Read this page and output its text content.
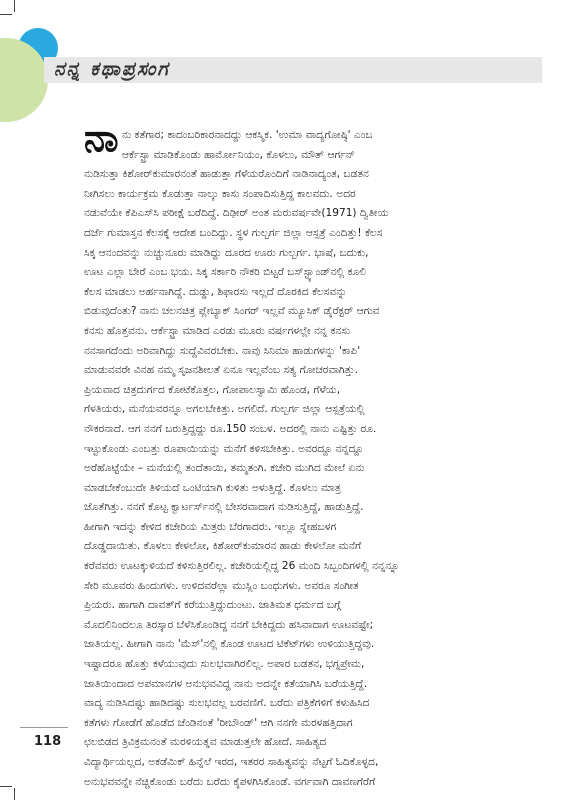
ನನ್ನ ಕಥಾಪ್ರಸಂಗ
ನಾ ನು ಕತೆಗಾರ; ಕಾದಂಬರಿಕಾರನಾದದ್ದು ಆಕಸ್ಮಿಕ. 'ಉಮಾ ವಾದ್ಯಗೋಷ್ಠಿ' ಎಂಬ
ಆರ್ಕೆಸ್ಟ್ರಾ ಮಾಡಿಕೊಂಡು ಹಾರ್ಮೋನಿಯಂ, ಕೊಳಲು, ಮೌತ್ ಆರ್ಗನ್
ನುಡಿಸುತ್ತಾ ಕಿಶೋರ್‌ಕುಮಾರನಂತೆ ಹಾಡುತ್ತಾ ಗೆಳೆಯರೊಂದಿಗೆ ನಾಡಿನಾದ್ಯಂತ, ಬಡತನ
ನೀಗಿಸಲು ಕಾರ್ಯಕ್ರಮ ಕೊಡುತ್ತಾ ನಾಲ್ಕು ಕಾಸು ಸಂಪಾದಿಸುತ್ತಿದ್ದ ಕಾಲವದು. ಅದರ
ನಡುವೆಯೇ ಕೆಪಿಎಸ್‌ಸಿ ಪರೀಕ್ಷೆ ಬರೆದಿದ್ದೆ. ದಿಢೀರ್ ಅಂತ ಮರುವರ್ಷವೇ(1971) ದ್ವಿತೀಯ
ದರ್ಜೆ ಗುಮಾಸ್ತನ ಕೆಲಸಕ್ಕೆ ಆದೇಶ ಬಂದಿದ್ದು. ಸ್ಥಳ ಗುಲ್ಬರ್ಗ ಜಿಲ್ಲಾ ಆಸ್ಪತ್ರೆ ಎಂದಿತ್ತು! ಕೆಲಸ
ಸಿಕ್ಕ ಆನಂದವನ್ನು ನುಚ್ಚುನೂರು ಮಾಡಿದ್ದು ದೂರದ ಊರು ಗುಲ್ಬರ್ಗ. ಭಾಷೆ, ಬದುಕು,
ಊಟ ಎಲ್ಲಾ ಬೇರೆ ಎಂಬ ಭಯ. ಸಿಕ್ಕ ಸರ್ಕಾರಿ ನೌಕರಿ ಬಿಟ್ಟರೆ ಬಸ್‌ಸ್ಟ್ಯಾಂಡ್‌ನಲ್ಲಿ ಕೂಲಿ
ಕೆಲಸ ಮಾಡಲು ಅರ್ಹನಾಗಿದ್ದೆ. ದುಡ್ಡು, ಶಿಫಾರಸು ಇಲ್ಲದೆ ದೊರಕಿದ ಕೆಲಸವನ್ನು
ಬಿಡುವುದೆಂತು? ನಾನು ಚಲನಚಿತ್ರ ಪ್ಲೇಬ್ಯಾಕ್ ಸಿಂಗರ್ ಇಲ್ಲವೆ ಮ್ಯೂಸಿಕ್ ಡೈರೆಕ್ಟರ್ ಆಗುವ
ಕನಸು ಹೊತ್ತವನು. ಆರ್ಕೆಸ್ಟ್ರಾ ಮಾಡಿದ ಎರಡು ಮೂರು ವರ್ಷಗಳಲ್ಲೇ ನನ್ನ ಕನಸು
ನನಸಾಗದೆಂದು ಅರಿವಾಗಿದ್ದು ಸುದ್ದೆವಿವರಬೇಕು. ನಾವು ಸಿನಿಮಾ ಹಾಡುಗಳನ್ನು 'ಕಾಪಿ'
ಮಾಡುವವರೇ ವಿನಹ ನಮ್ಮ ಸೃಜನಶೀಲತೆ ಏನೂ ಇಲ್ಲವೆಂಬ ಸತ್ಯ ಗೋಚರವಾಗಿತ್ತು.
ಪ್ರಿಯವಾದ ಚಿತ್ರದುರ್ಗದ ಕೋಟೆಕೊತ್ತಲ, ಗೋಪಾಲಸ್ವಾಮಿ ಹೊಂಡ, ಗೆಳೆಯ,
ಗೆಳತಿಯರು, ಮನೆಯವರನ್ನೂ ಅಗಲಬೇಕಿತ್ತು. ಅಗಲಿದೆ. ಗುಲ್ಬರ್ಗ ಜಿಲ್ಲಾ ಆಸ್ಪತ್ರೆಯಲ್ಲಿ
ನೌಕರನಾದೆ. ಆಗ ನನಗೆ ಬರುತ್ತಿದ್ದದ್ದು ರೂ.150 ಸಂಬಳ. ಅದರಲ್ಲಿ ನಾನು ಎಷ್ಟಿತ್ತು ರೂ.
ಇಟ್ಟುಕೊಂಡು ಎಂಬತ್ತು ರೂಪಾಯಿಯನ್ನು ಮನೆಗೆ ಕಳಿಸಬೇಕಿತ್ತು. ಅವರದ್ದೂ ನನ್ನದ್ದೂ
ಅರೆಹೊಟ್ಟೆಯೇ – ಮನೆಯಲ್ಲಿ ತಂದೆತಾಯಿ, ತಮ್ಮತಂಗಿ. ಕಚೇರಿ ಮುಗಿದ ಮೇಲೆ ಏನು
ಮಾಡಬೇಕೆಂಬುದೇ ತಿಳಿಯದೆ ಒಂಟಿಯಾಗಿ ಕುಳಿತು ಅಳುತ್ತಿದ್ದೆ. ಕೊಳಲು ಮಾತ್ರ
ಜೊತೆಗಿತ್ತು. ನನಗೆ ಕೊಟ್ಟ ಕ್ವಾರ್ಟರ್ಸ್‌ನಲ್ಲಿ ಬೇಸರವಾದಾಗ ನುಡಿಸುತ್ತಿದ್ದೆ, ಹಾಡುತ್ತಿದ್ದೆ.
ಹೀಗಾಗಿ ಇದನ್ನು ಕೇಳಿದ ಕಚೇರಿಯ ಮಿತ್ರರು ಬೆರಗಾದರು. ಇಲ್ಲೂ ಸ್ನೇಹಬಳಗ
ದೊಡ್ಡದಾಯಿತು. ಕೊಳಲು ಕೇಳಲೋ, ಕಿಶೋರ್‌ಕುಮಾರನ ಹಾಡು ಕೇಳಲೋ ಮನೆಗೆ
ಕರೆವವರು ಊಟಕ್ಕುಳಿಯದೆ ಕಳಿಸುತ್ತಿರಲಿಲ್ಲ. ಕಚೇರಿಯಲ್ಲಿದ್ದ 26 ಮಂದಿ ಸಿಬ್ಬಂದಿಗಳಲ್ಲಿ ನನ್ನನ್ನೂ
ಸೇರಿ ಮೂವರು ಹಿಂದುಗಳು. ಉಳಿದವರೆಲ್ಲಾ ಮುಸ್ಲಿಂ ಬಂಧುಗಳು. ಅವರೂ ಸಂಗೀತ
ಪ್ರಿಯರು. ಹಾಗಾಗಿ ದಾವತ್‌ಗೆ ಕರೆಯುತ್ತಿದ್ದುದುಂಟು. ಜಾತಿಮತ ಧರ್ಮದ ಬಗ್ಗೆ
ಮೊದಲಿನಿಂದಲೂ ತಿರಸ್ಕಾರ ಬೆಳೆಸಿಕೊಂಡಿದ್ದ ನನಗೆ ಬೇಕಿದ್ದದು ಹಸಿವಾದಾಗ ಊಟವಷ್ಟೇ;
ಜಾತಿಯಲ್ಲ. ಹೀಗಾಗಿ ನಾನು 'ಮೆಸ್'ನಲ್ಲಿ ಕೊಂಡ ಊಟದ ಟಿಕೆಟ್‌ಗಳು ಉಳಿಯುತ್ತಿದ್ದವು.
ಇಷ್ಟಾದರೂ ಹೊತ್ತು ಕಳೆಯುವುದು ಸುಲಭವಾಗಿರಲಿಲ್ಲ. ಅಪಾರ ಬಡತನ, ಭಗ್ನಪ್ರೇಮ,
ಜಾತಿಯಿಂದಾದ ಅಪಮಾನಗಳ ಅನುಭವವಿದ್ದ ನಾನು ಅದನ್ನೇ ಕತೆಯಾಗಿಸಿ ಬರೆಯತ್ತಿದ್ದೆ.
ವಾದ್ಯ ನುಡಿಸಿದಷ್ಟು ಹಾಡಿದಷ್ಟು ಸುಲಭವಲ್ಲ ಬರವಣಿಗೆ. ಬರೆದು ಪತ್ರಿಕೆಗಳಿಗೆ ಕಳುಹಿಸಿದ
ಕತೆಗಳು ಗೋಡೆಗೆ ಹೊಡೆದ ಚೆಂಡಿನಂತೆ 'ರೀಬೌಂಡ್' ಆಗಿ ನನಗೇ ಮರಳಹತ್ತಿದಾಗ
ಛಲಬಿಡದ ತ್ರಿವಿಕ್ರಮನಂತೆ ಮರಳಿಯತ್ನವ ಮಾಡುತ್ತಲೇ ಹೋದೆ. ಸಾಹಿತ್ಯದ
ವಿದ್ಯಾರ್ಥಿಯಲ್ಲದ, ಅಕಡೆಮಿಕ್ ಹಿನ್ನೆಲೆ ಇರದ, ಇತರರ ಸಾಹಿತ್ಯವನ್ನು ನೆಟ್ಟಗೆ ಓದಿಕೊಳ್ಳದ,
ಅನುಭವವನ್ನೇ ನೆಚ್ಚಿಕೊಂಡು ಬರೆದು ಬರೆದು ಕೈಪಳಗಿಸಿಕೊಂಡೆ. ವರ್ಗವಾಗಿ ದಾವಣಗೆರೆಗೆ
118
